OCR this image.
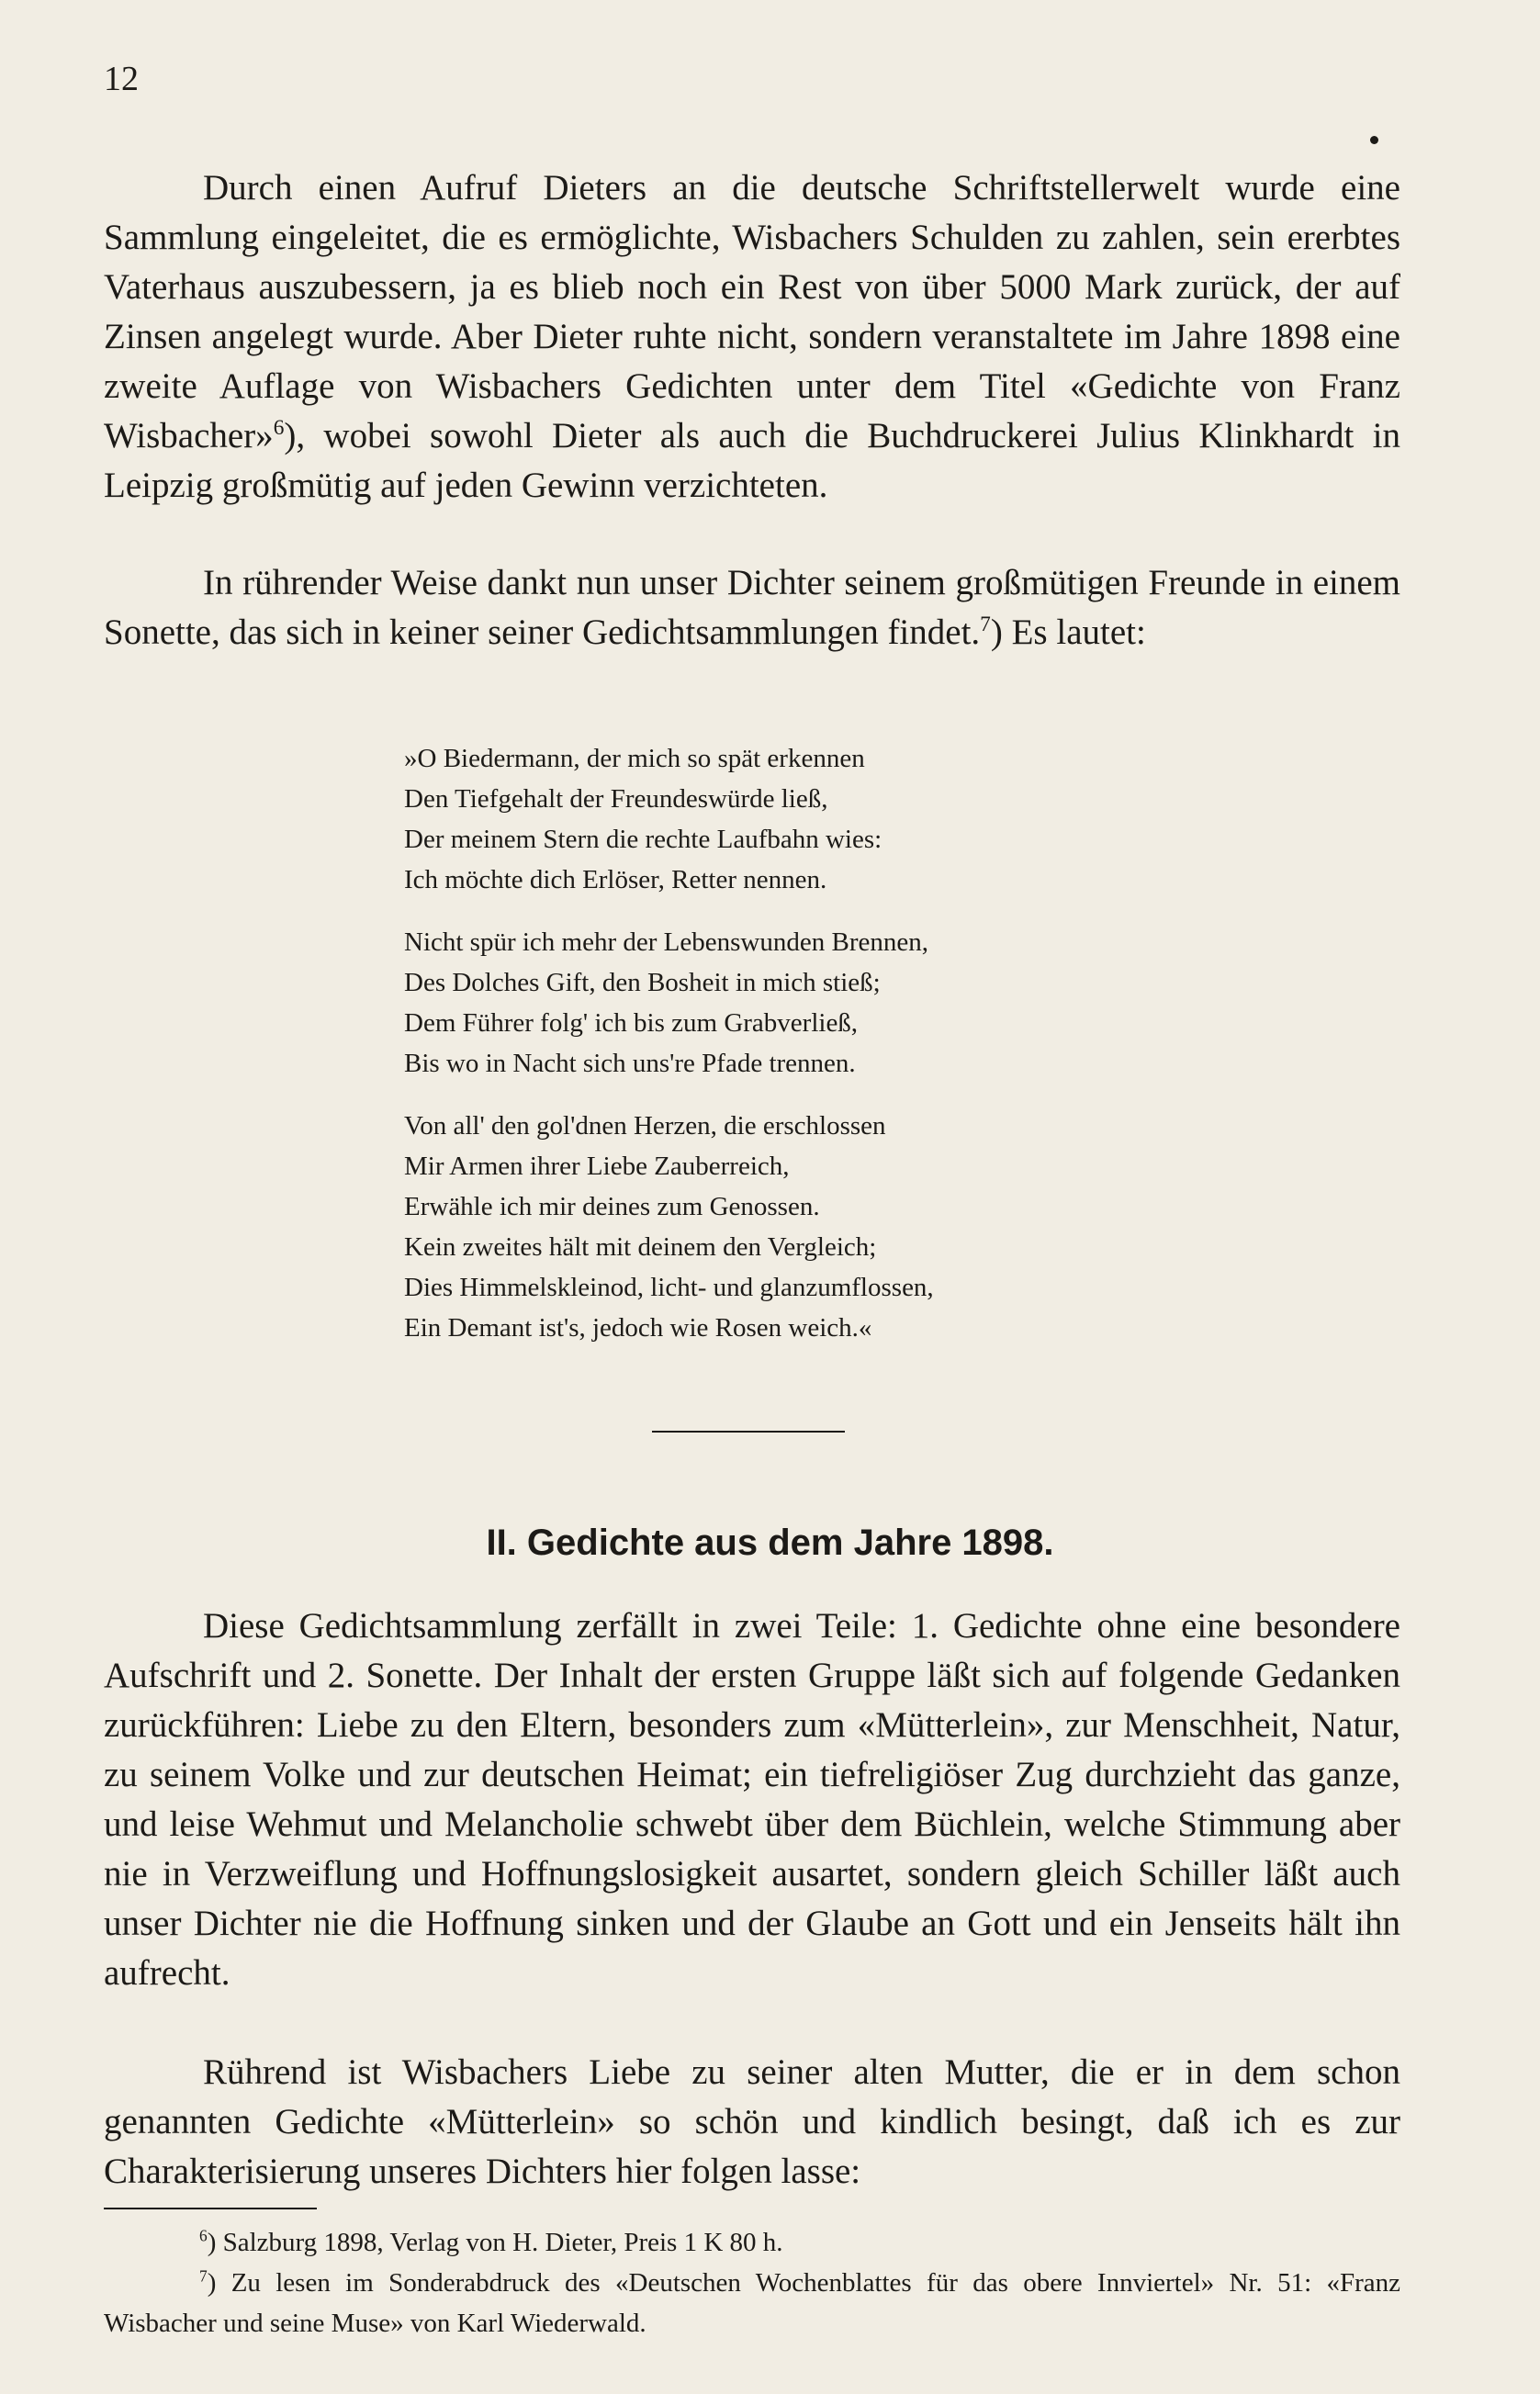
12

Durch einen Aufruf Dieters an die deutsche Schriftstellerwelt wurde eine Sammlung eingeleitet, die es ermöglichte, Wisbachers Schulden zu zahlen, sein ererbtes Vaterhaus auszubessern, ja es blieb noch ein Rest von über 5000 Mark zurück, der auf Zinsen angelegt wurde. Aber Dieter ruhte nicht, sondern veranstaltete im Jahre 1898 eine zweite Auflage von Wisbachers Gedichten unter dem Titel «Gedichte von Franz Wisbacher»$^6$), wobei sowohl Dieter als auch die Buchdruckerei Julius Klinkhardt in Leipzig großmütig auf jeden Gewinn verzichteten.

In rührender Weise dankt nun unser Dichter seinem großmütigen Freunde in einem Sonette, das sich in keiner seiner Gedichtsammlungen findet.$^7$) Es lautet:

»O Biedermann, der mich so spät erkennen
Den Tiefgehalt der Freundeswürde ließ,
Der meinem Stern die rechte Laufbahn wies:
Ich möchte dich Erlöser, Retter nennen.
Nicht spür ich mehr der Lebenswunden Brennen,
Des Dolches Gift, den Bosheit in mich stieß;
Dem Führer folg' ich bis zum Grabverließ,
Bis wo in Nacht sich uns're Pfade trennen.
Von all' den gol'dnen Herzen, die erschlossen
Mir Armen ihrer Liebe Zauberreich,
Erwähle ich mir deines zum Genossen.
Kein zweites hält mit deinem den Vergleich;
Dies Himmelskleinod, licht- und glanzumflossen,
Ein Demant ist's, jedoch wie Rosen weich.«
II. Gedichte aus dem Jahre 1898.

Diese Gedichtsammlung zerfällt in zwei Teile: 1. Gedichte ohne eine besondere Aufschrift und 2. Sonette. Der Inhalt der ersten Gruppe läßt sich auf folgende Gedanken zurückführen: Liebe zu den Eltern, besonders zum «Mütterlein», zur Menschheit, Natur, zu seinem Volke und zur deutschen Heimat; ein tiefreligiöser Zug durchzieht das ganze, und leise Wehmut und Melancholie schwebt über dem Büchlein, welche Stimmung aber nie in Verzweiflung und Hoffnungslosigkeit ausartet, sondern gleich Schiller läßt auch unser Dichter nie die Hoffnung sinken und der Glaube an Gott und ein Jenseits hält ihn aufrecht.

Rührend ist Wisbachers Liebe zu seiner alten Mutter, die er in dem schon genannten Gedichte «Mütterlein» so schön und kindlich besingt, daß ich es zur Charakterisierung unseres Dichters hier folgen lasse:

$^6$) Salzburg 1898, Verlag von H. Dieter, Preis 1 K 80 h.

$^7$) Zu lesen im Sonderabdruck des «Deutschen Wochenblattes für das obere Innviertel» Nr. 51: «Franz Wisbacher und seine Muse» von Karl Wiederwald.
